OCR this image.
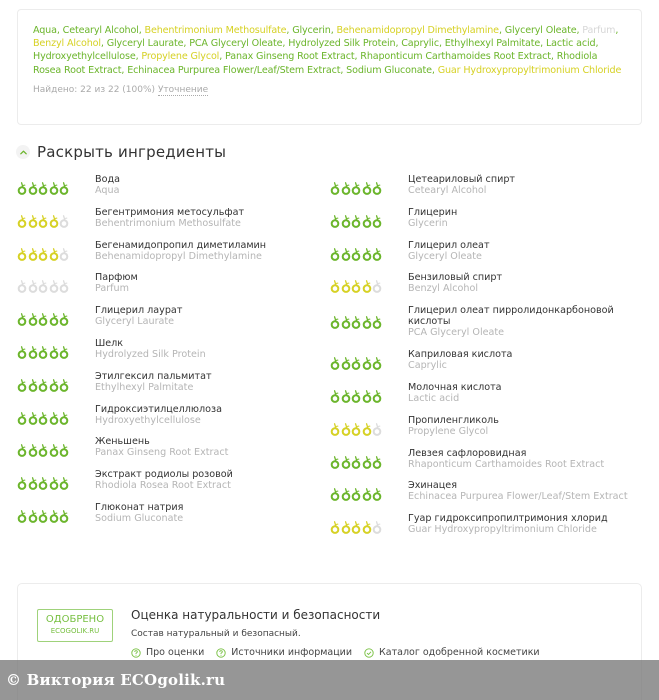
Aqua, Cetearyl Alcohol, Behentrimonium Methosulfate, Glycerin, Behenamidopropyl Dimethylamine, Glyceryl Oleate, Parfum, Benzyl Alcohol, Glyceryl Laurate, PCA Glyceryl Oleate, Hydrolyzed Silk Protein, Caprylic, Ethylhexyl Palmitate, Lactic acid, Hydroxyethylcellulose, Propylene Glycol, Panax Ginseng Root Extract, Rhaponticum Carthamoides Root Extract, Rhodiola Rosea Root Extract, Echinacea Purpurea Flower/Leaf/Stem Extract, Sodium Gluconate, Guar Hydroxypropyltrimonium Chloride
Найдено: 22 из 22 (100%) Уточнение
Раскрыть ингредиенты
Вода
Aqua
Бегентримония метосульфат
Behentrimonium Methosulfate
Бегенамидопропил диметиламин
Behenamidopropyl Dimethylamine
Парфюм
Parfum
Глицерил лаурат
Glyceryl Laurate
Шелк
Hydrolyzed Silk Protein
Этилгексил пальмитат
Ethylhexyl Palmitate
Гидроксиэтилцеллюлоза
Hydroxyethylcellulose
Женьшень
Panax Ginseng Root Extract
Экстракт родиолы розовой
Rhodiola Rosea Root Extract
Глюконат натрия
Sodium Gluconate
Цетеариловый спирт
Cetearyl Alcohol
Глицерин
Glycerin
Глицерил олеат
Glyceryl Oleate
Бензиловый спирт
Benzyl Alcohol
Глицерил олеат пирролидонкарбоновой кислоты
PCA Glyceryl Oleate
Каприловая кислота
Caprylic
Молочная кислота
Lactic acid
Пропиленгликоль
Propylene Glycol
Левзея сафлоровидная
Rhaponticum Carthamoides Root Extract
Эхинацея
Echinacea Purpurea Flower/Leaf/Stem Extract
Гуар гидроксипропилтримония хлорид
Guar Hydroxypropyltrimonium Chloride
ОДОБРЕНО
ECOGOLIK.RU
Оценка натуральности и безопасности
Состав натуральный и безопасный.
Про оценки	Источники информации	Каталог одобренной косметики
© Виктория ECOgolik.ru
